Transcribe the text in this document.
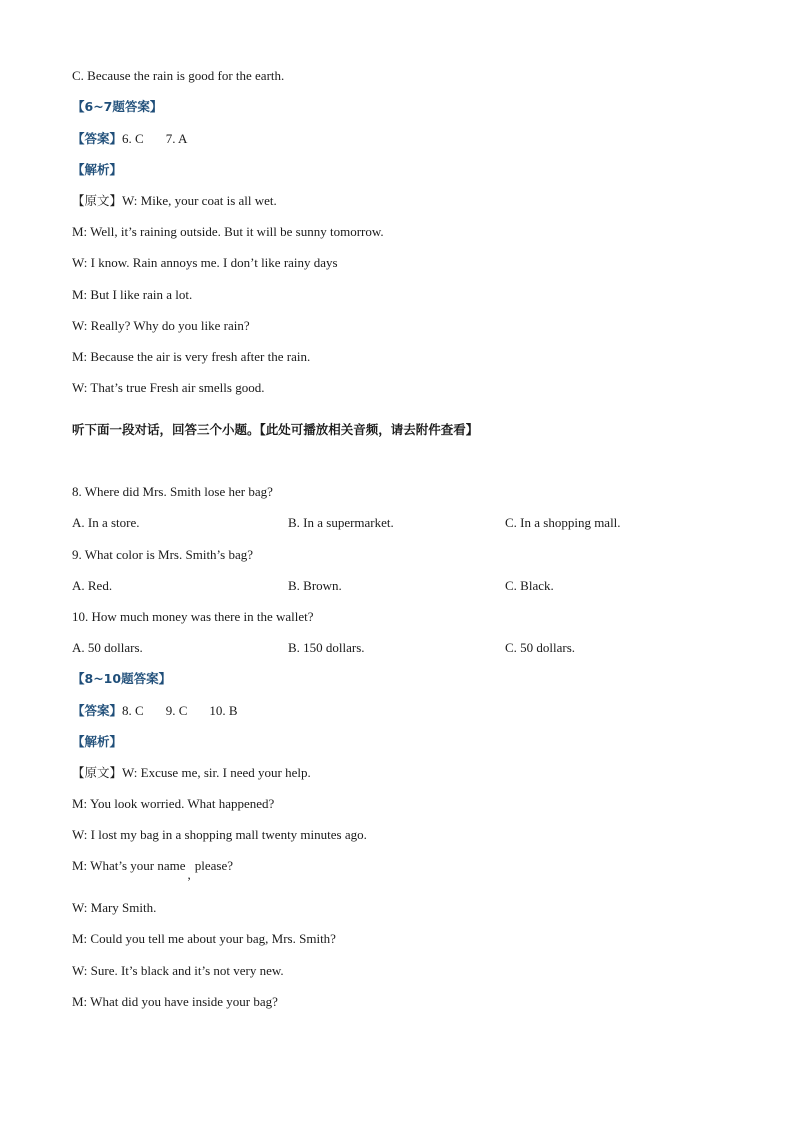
C. Because the rain is good for the earth.
【6~7题答案】
【答案】6. C 7. A
【解析】
【原文】W: Mike, your coat is all wet.
M: Well, it’s raining outside. But it will be sunny tomorrow.
W: I know. Rain annoys me. I don’t like rainy days
M: But I like rain a lot.
W: Really? Why do you like rain?
M: Because the air is very fresh after the rain.
W: That’s true Fresh air smells good.
听下面一段对话，回答三个小题。【此处可播放相关音频，请去附件查看】
8. Where did Mrs. Smith lose her bag?
A. In a store.	B. In a supermarket.	C. In a shopping mall.
9. What color is Mrs. Smith’s bag?
A. Red.	B. Brown.	C. Black.
10. How much money was there in the wallet?
A. 50 dollars.	B. 150 dollars.	C. 50 dollars.
【8~10题答案】
【答案】8. C 9. C 10. B
【解析】
【原文】W: Excuse me, sir. I need your help.
M: You look worried. What happened?
W: I lost my bag in a shopping mall twenty minutes ago.
M: What’s your name,please?
W: Mary Smith.
M: Could you tell me about your bag, Mrs. Smith?
W: Sure. It’s black and it’s not very new.
M: What did you have inside your bag?
